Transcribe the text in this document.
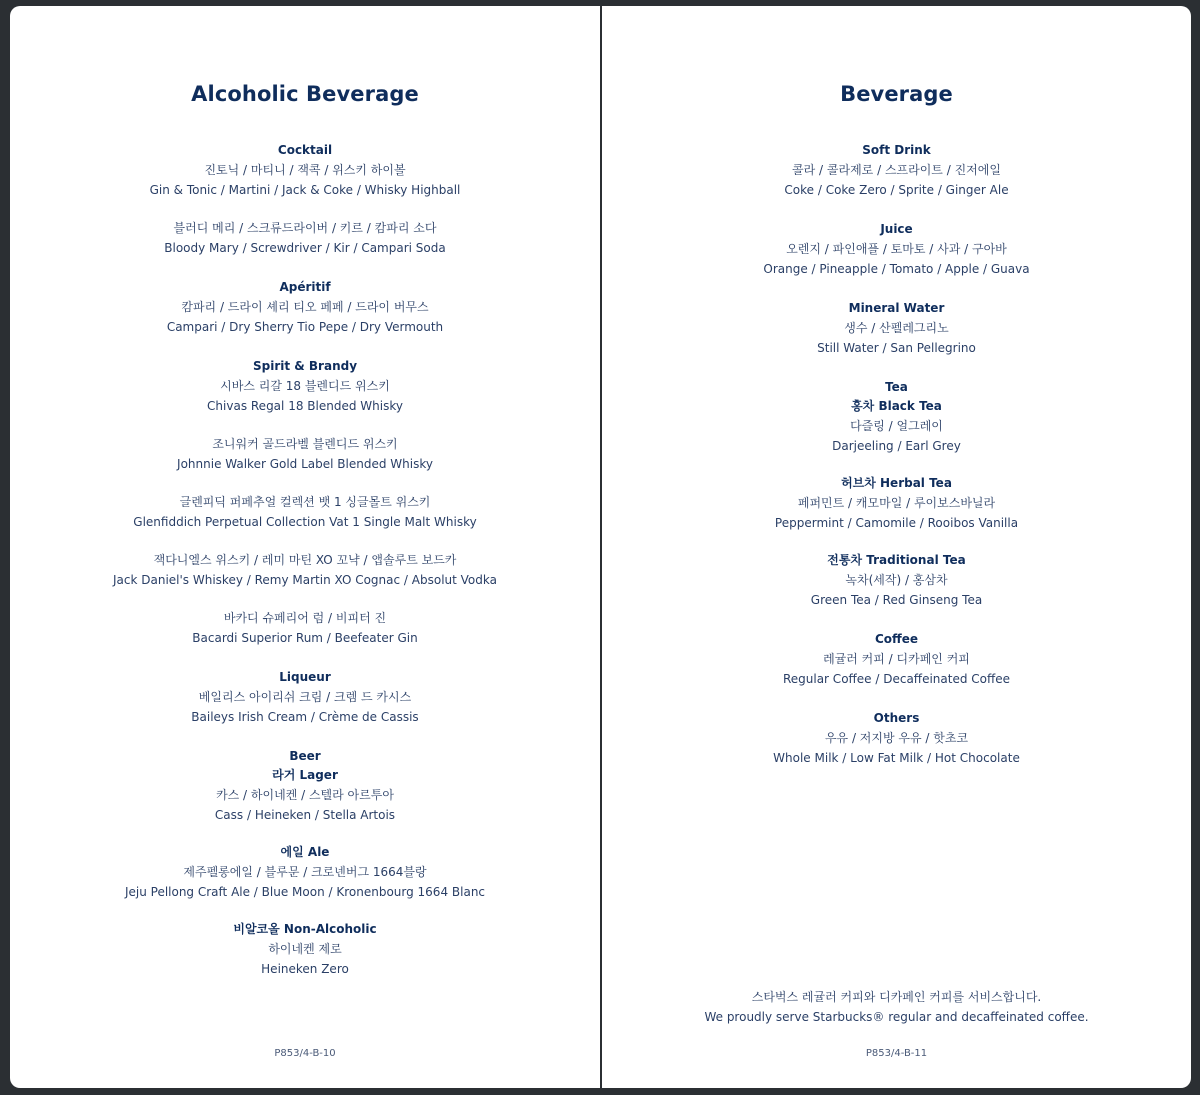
Alcoholic Beverage
Cocktail
진토닉 / 마티니 / 잭콕 / 위스키 하이볼
Gin & Tonic / Martini / Jack & Coke / Whisky Highball
블러디 메리 / 스크류드라이버 / 키르 / 캄파리 소다
Bloody Mary / Screwdriver / Kir / Campari Soda
Apéritif
캄파리 / 드라이 셰리 티오 페페 / 드라이 버무스
Campari / Dry Sherry Tio Pepe / Dry Vermouth
Spirit & Brandy
시바스 리갈 18 블렌디드 위스키
Chivas Regal 18 Blended Whisky
조니워커 골드라벨 블렌디드 위스키
Johnnie Walker Gold Label Blended Whisky
글렌피딕 퍼페추얼 컬렉션 뱃 1 싱글몰트 위스키
Glenfiddich Perpetual Collection Vat 1 Single Malt Whisky
잭다니엘스 위스키 / 레미 마틴 XO 꼬냑 / 앱솔루트 보드카
Jack Daniel's Whiskey / Remy Martin XO Cognac / Absolut Vodka
바카디 슈페리어 럼 / 비피터 진
Bacardi Superior Rum / Beefeater Gin
Liqueur
베일리스 아이리쉬 크림 / 크렘 드 카시스
Baileys Irish Cream / Crème de Cassis
Beer
라거 Lager
카스 / 하이네켄 / 스텔라 아르투아
Cass / Heineken / Stella Artois
에일 Ale
제주펠롱에일 / 블루문 / 크로넨버그 1664블랑
Jeju Pellong Craft Ale / Blue Moon / Kronenbourg 1664 Blanc
비알코올 Non-Alcoholic
하이네켄 제로
Heineken Zero
P853/4-B-10
Beverage
Soft Drink
콜라 / 콜라제로 / 스프라이트 / 진저에일
Coke / Coke Zero / Sprite / Ginger Ale
Juice
오렌지 / 파인애플 / 토마토 / 사과 / 구아바
Orange / Pineapple / Tomato / Apple / Guava
Mineral Water
생수 / 산펠레그리노
Still Water / San Pellegrino
Tea
홍차 Black Tea
다즐링 / 얼그레이
Darjeeling / Earl Grey
허브차 Herbal Tea
페퍼민트 / 캐모마일 / 루이보스바닐라
Peppermint / Camomile / Rooibos Vanilla
전통차 Traditional Tea
녹차(세작) / 홍삼차
Green Tea / Red Ginseng Tea
Coffee
레귤러 커피 / 디카페인 커피
Regular Coffee / Decaffeinated Coffee
Others
우유 / 저지방 우유 / 핫초코
Whole Milk / Low Fat Milk / Hot Chocolate
스타벅스 레귤러 커피와 디카페인 커피를 서비스합니다.
We proudly serve Starbucks® regular and decaffeinated coffee.
P853/4-B-11
